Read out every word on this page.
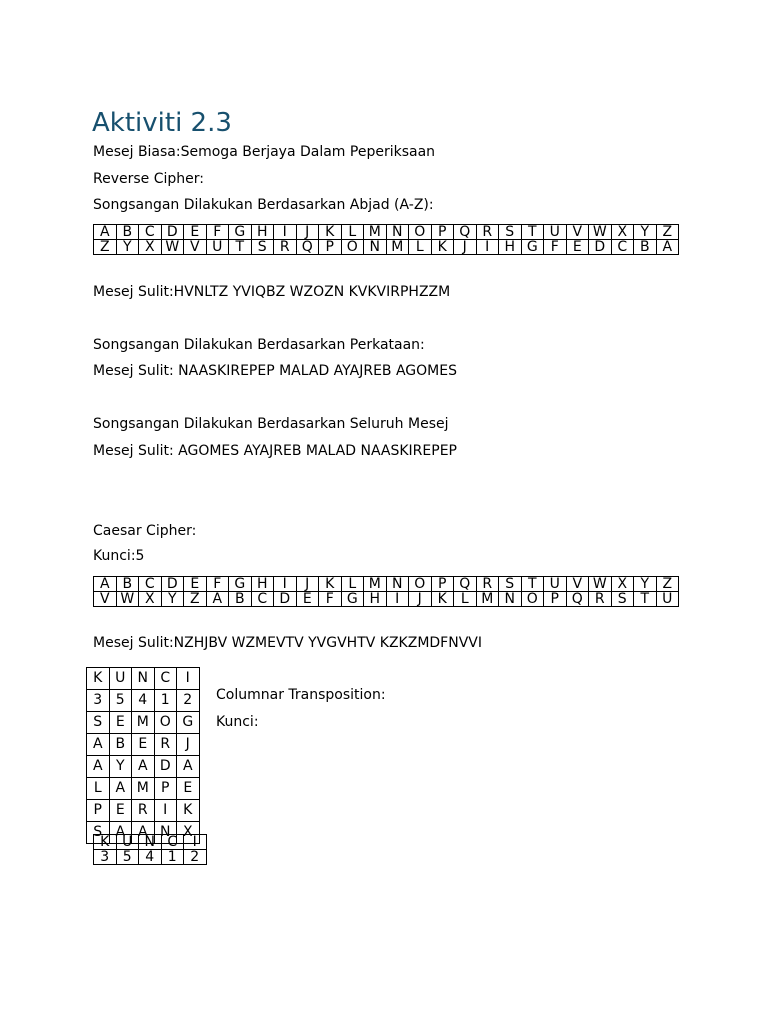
Aktiviti 2.3
Mesej Biasa:Semoga Berjaya Dalam Peperiksaan
Reverse Cipher:
Songsangan Dilakukan Berdasarkan Abjad (A-Z):
A	B	C	D	E	F	G	H	I	J	K	L	M	N	O	P	Q	R	S	T	U	V	W	X	Y	Z
Z	Y	X	W	V	U	T	S	R	Q	P	O	N	M	L	K	J	I	H	G	F	E	D	C	B	A
Mesej Sulit:HVNLTZ YVIQBZ WZOZN KVKVIRPHZZM
Songsangan Dilakukan Berdasarkan Perkataan:
Mesej Sulit: NAASKIREPEP MALAD AYAJREB AGOMES
Songsangan Dilakukan Berdasarkan Seluruh Mesej
Mesej Sulit: AGOMES AYAJREB MALAD NAASKIREPEP
Caesar Cipher:
Kunci:5
A	B	C	D	E	F	G	H	I	J	K	L	M	N	O	P	Q	R	S	T	U	V	W	X	Y	Z
V	W	X	Y	Z	A	B	C	D	E	F	G	H	I	J	K	L	M	N	O	P	Q	R	S	T	U
Mesej Sulit:NZHJBV WZMEVTV YVGVHTV KZKZMDFNVVI
K	U	N	C	I
3	5	4	1	2
S	E	M	O	G
A	B	E	R	J
A	Y	A	D	A
L	A	M	P	E
P	E	R	I	K
S	A	A	N	X
Columnar Transposition:
Kunci:
K	U	N	C	I
3	5	4	1	2
